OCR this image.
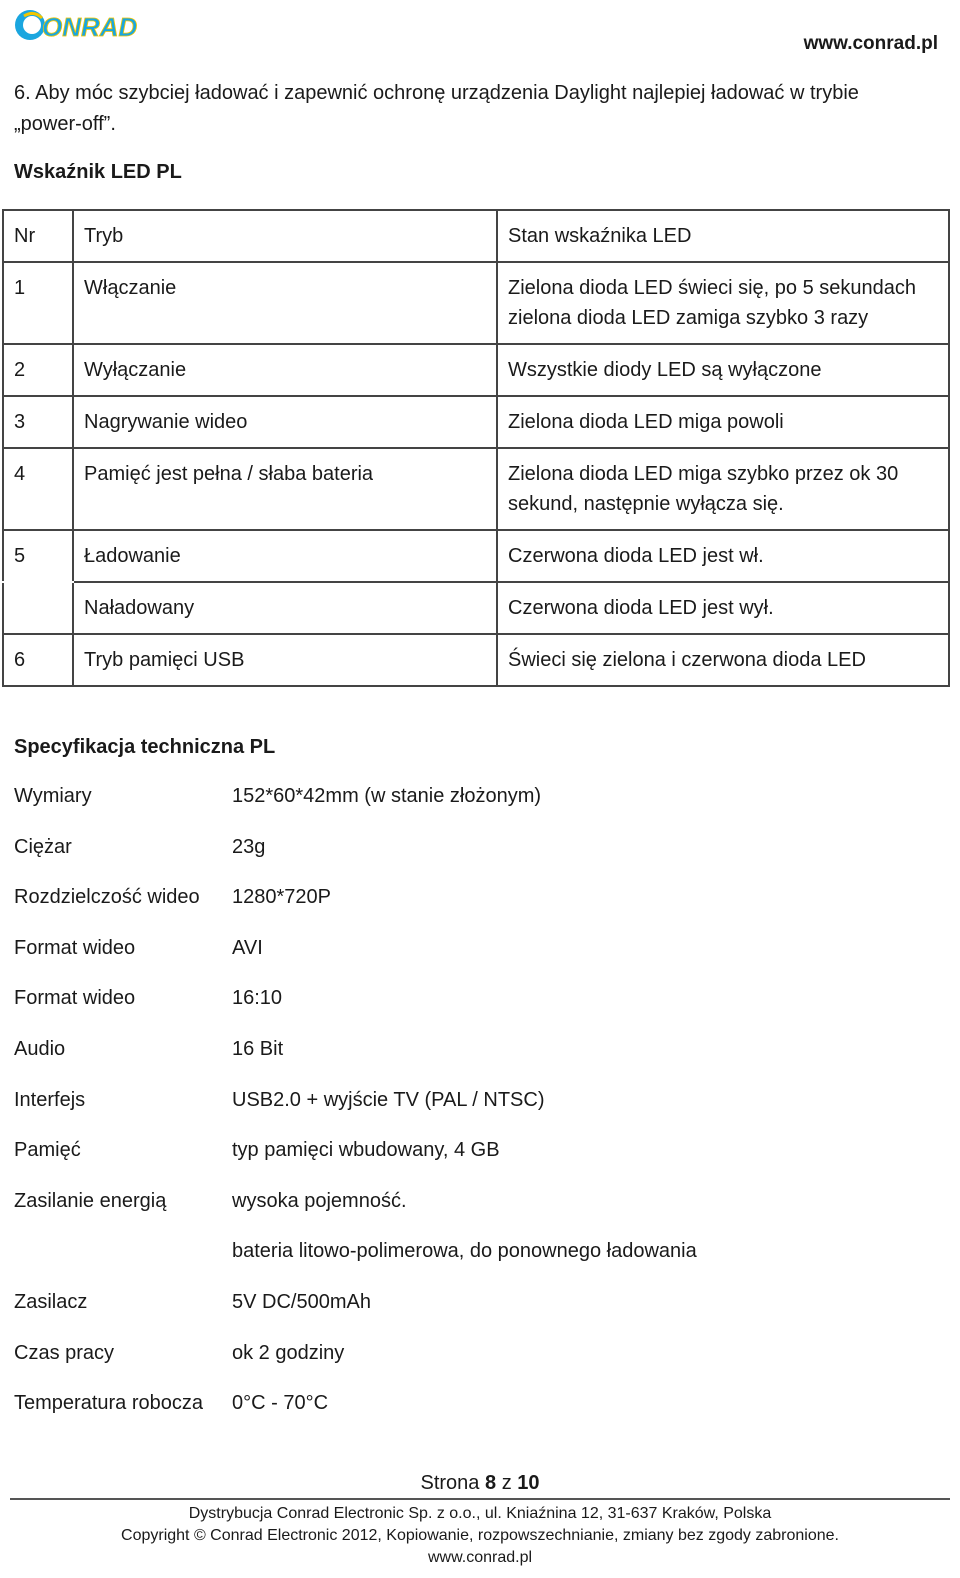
ONRAD
www.conrad.pl

6. Aby móc szybciej ładować i zapewnić ochronę urządzenia Daylight najlepiej ładować w trybie
„power-off”.

Wskaźnik LED PL
Nr	Tryb	Stan wskaźnika LED
1	Włączanie	Zielona dioda LED świeci się, po 5 sekundach zielona dioda LED zamiga szybko 3 razy
2	Wyłączanie	Wszystkie diody LED są wyłączone
3	Nagrywanie wideo	Zielona dioda LED miga powoli
4	Pamięć jest pełna / słaba bateria	Zielona dioda LED miga szybko przez ok 30 sekund, następnie wyłącza się.
5	Ładowanie	Czerwona dioda LED jest wł.
	Naładowany	Czerwona dioda LED jest wył.
6	Tryb pamięci USB	Świeci się zielona i czerwona dioda LED
Specyfikacja techniczna PL
Wymiary	152*60*42mm (w stanie złożonym)
Ciężar	23g
Rozdzielczość wideo	1280*720P
Format wideo	AVI
Format wideo	16:10
Audio	16 Bit
Interfejs	USB2.0 + wyjście TV (PAL / NTSC)
Pamięć	typ pamięci wbudowany, 4 GB
Zasilanie energią	wysoka pojemność.
bateria litowo-polimerowa, do ponownego ładowania
Zasilacz	5V DC/500mAh
Czas pracy	ok 2 godziny
Temperatura robocza	0°C - 70°C
Strona 8 z 10
Dystrybucja Conrad Electronic Sp. z o.o., ul. Kniaźnina 12, 31-637 Kraków, Polska
Copyright © Conrad Electronic 2012, Kopiowanie, rozpowszechnianie, zmiany bez zgody zabronione.
www.conrad.pl
